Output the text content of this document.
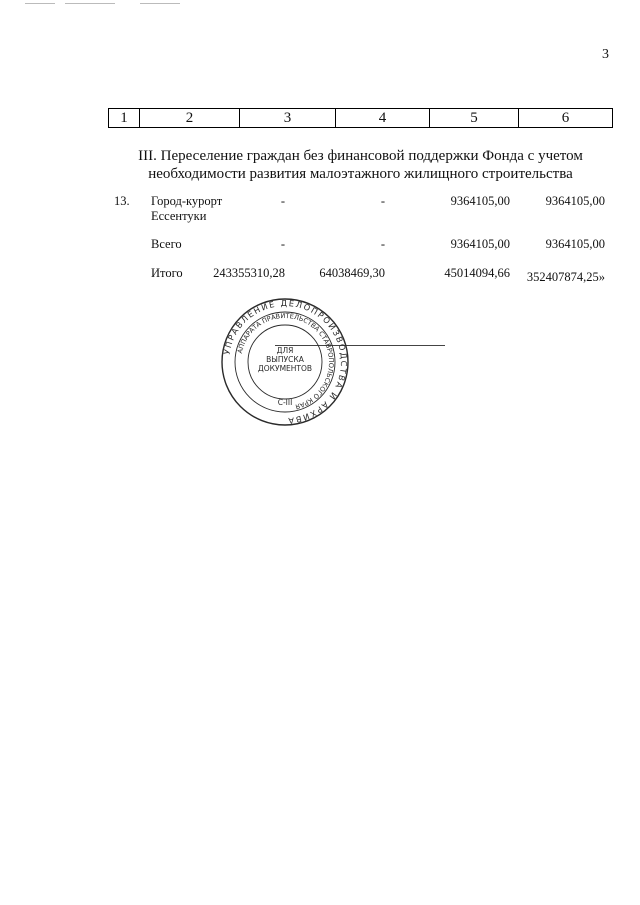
3
1	2	3	4	5	6
III. Переселение граждан без финансовой поддержки Фонда с учетом
необходимости развития малоэтажного жилищного строительства
13. Город-курорт
Ессентуки
-	-	9364105,00	9364105,00
Всего	-	-	9364105,00	9364105,00
Итого 243355310,28	64038469,30	45014094,66 352407874,25»
УПРАВЛЕНИЕ ДЕЛОПРОИЗВОДСТВА И АРХИВА
АППАРАТА ПРАВИТЕЛЬСТВА СТАВРОПОЛЬСКОГО КРАЯ
ДЛЯ
ВЫПУСКА
ДОКУМЕНТОВ
С-III
